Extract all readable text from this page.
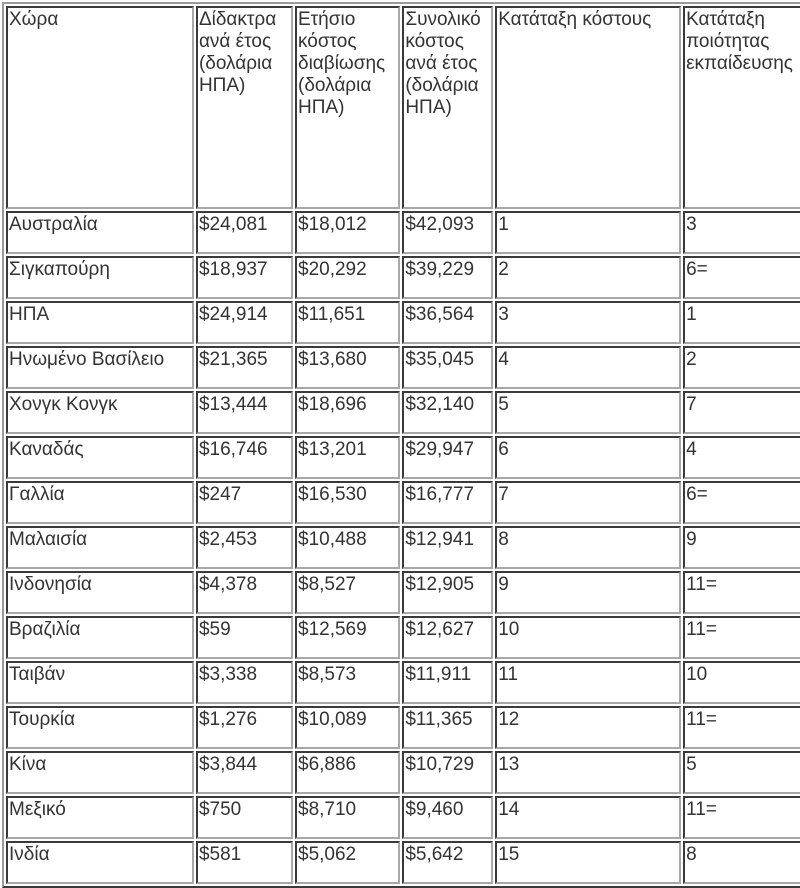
Χώρα	Δίδακτρα
ανά έτος
(δολάρια
ΗΠΑ)	Ετήσιο
κόστος
διαβίωσης
(δολάρια
ΗΠΑ)	Συνολικό
κόστος
ανά έτος
(δολάρια
ΗΠΑ)	Κατάταξη κόστους	Κατάταξη
ποιότητας
εκπαίδευσης

Αυστραλία	$24,081	$18,012	$42,093	1	3
Σιγκαπούρη	$18,937	$20,292	$39,229	2	6=
ΗΠΑ	$24,914	$11,651	$36,564	3	1
Ηνωμένο Βασίλειο	$21,365	$13,680	$35,045	4	2
Χονγκ Κονγκ	$13,444	$18,696	$32,140	5	7
Καναδάς	$16,746	$13,201	$29,947	6	4
Γαλλία	$247	$16,530	$16,777	7	6=
Μαλαισία	$2,453	$10,488	$12,941	8	9
Ινδονησία	$4,378	$8,527	$12,905	9	11=
Βραζιλία	$59	$12,569	$12,627	10	11=
Ταιβάν	$3,338	$8,573	$11,911	11	10
Τουρκία	$1,276	$10,089	$11,365	12	11=
Κίνα	$3,844	$6,886	$10,729	13	5
Μεξικό	$750	$8,710	$9,460	14	11=
Ινδία	$581	$5,062	$5,642	15	8
